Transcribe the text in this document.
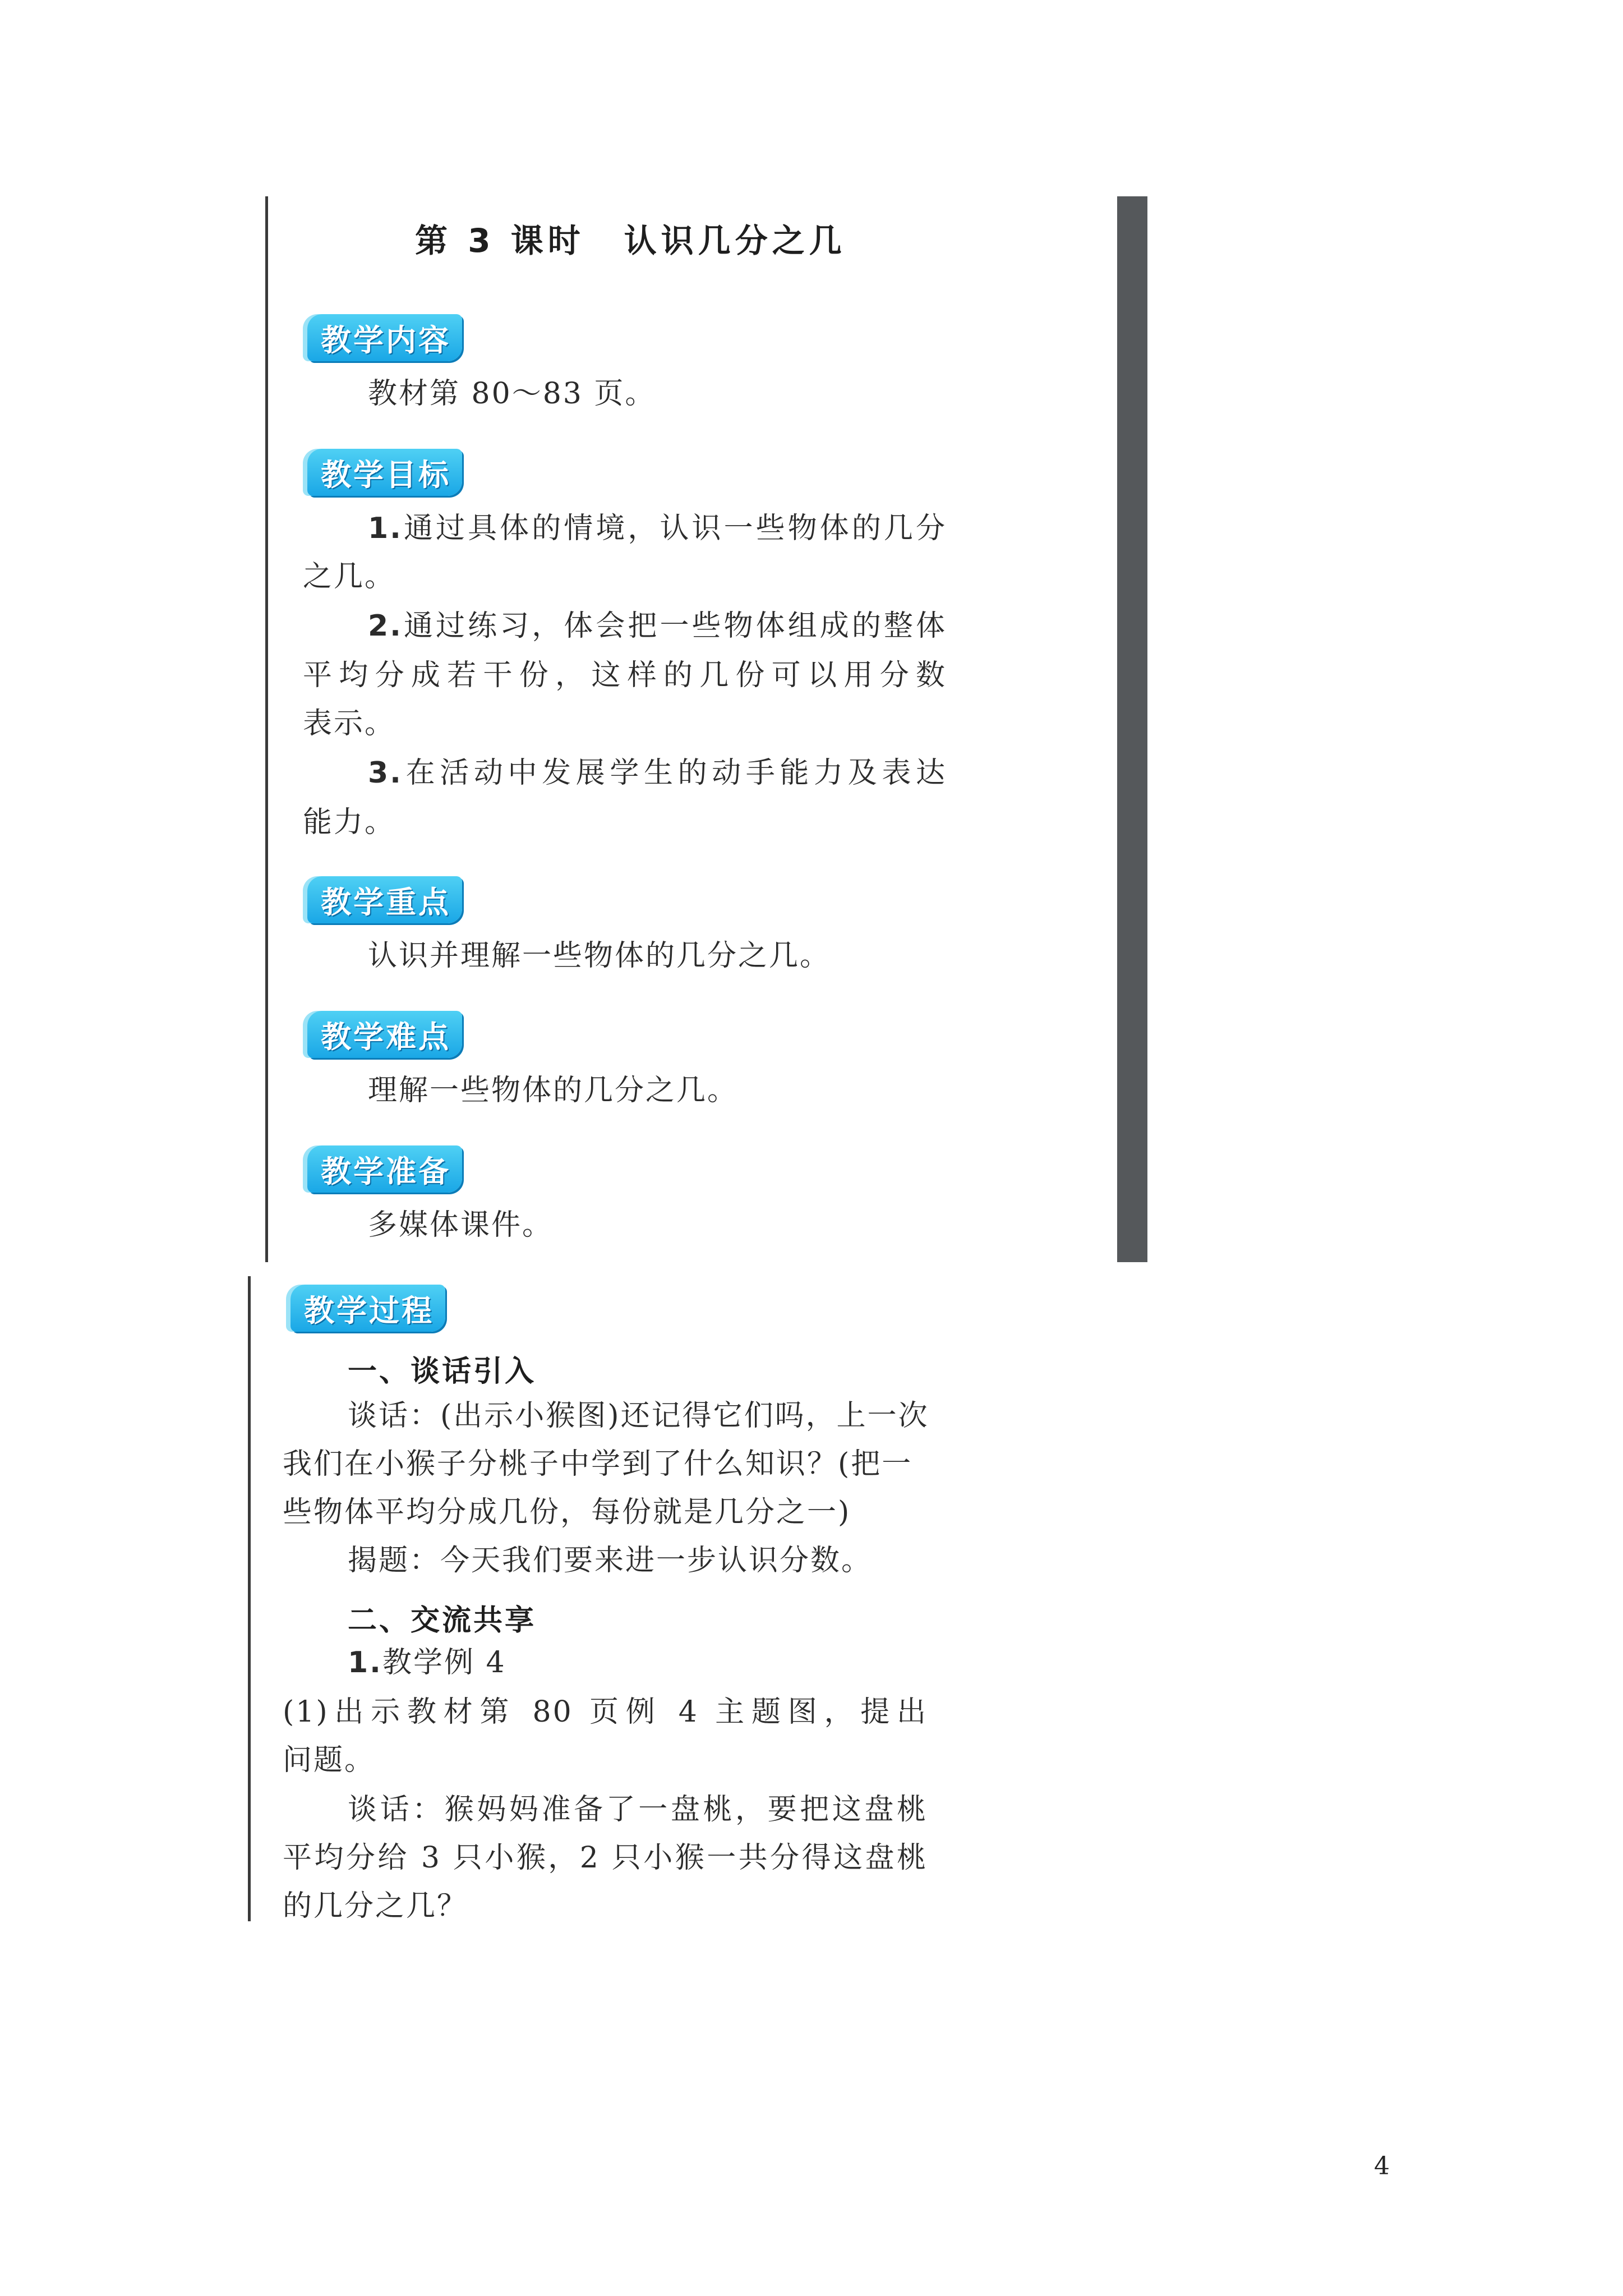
第 3 课时 认识几分之几
教学内容
教材第 80～83 页。
教学目标
1.通过具体的情境，认识一些物体的几分
之几。
2.通过练习，体会把一些物体组成的整体
平均分成若干份，这样的几份可以用分数
表示。
3.在活动中发展学生的动手能力及表达
能力。
教学重点
认识并理解一些物体的几分之几。
教学难点
理解一些物体的几分之几。
教学准备
多媒体课件。
教学过程
一、谈话引入
谈话：(出示小猴图)还记得它们吗，上一次
我们在小猴子分桃子中学到了什么知识？(把一
些物体平均分成几份，每份就是几分之一)
揭题：今天我们要来进一步认识分数。
二、交流共享
1.教学例 4
(1)出示教材第 80 页例 4 主题图，提出
问题。
谈话：猴妈妈准备了一盘桃，要把这盘桃
平均分给 3 只小猴，2 只小猴一共分得这盘桃
的几分之几？
4
